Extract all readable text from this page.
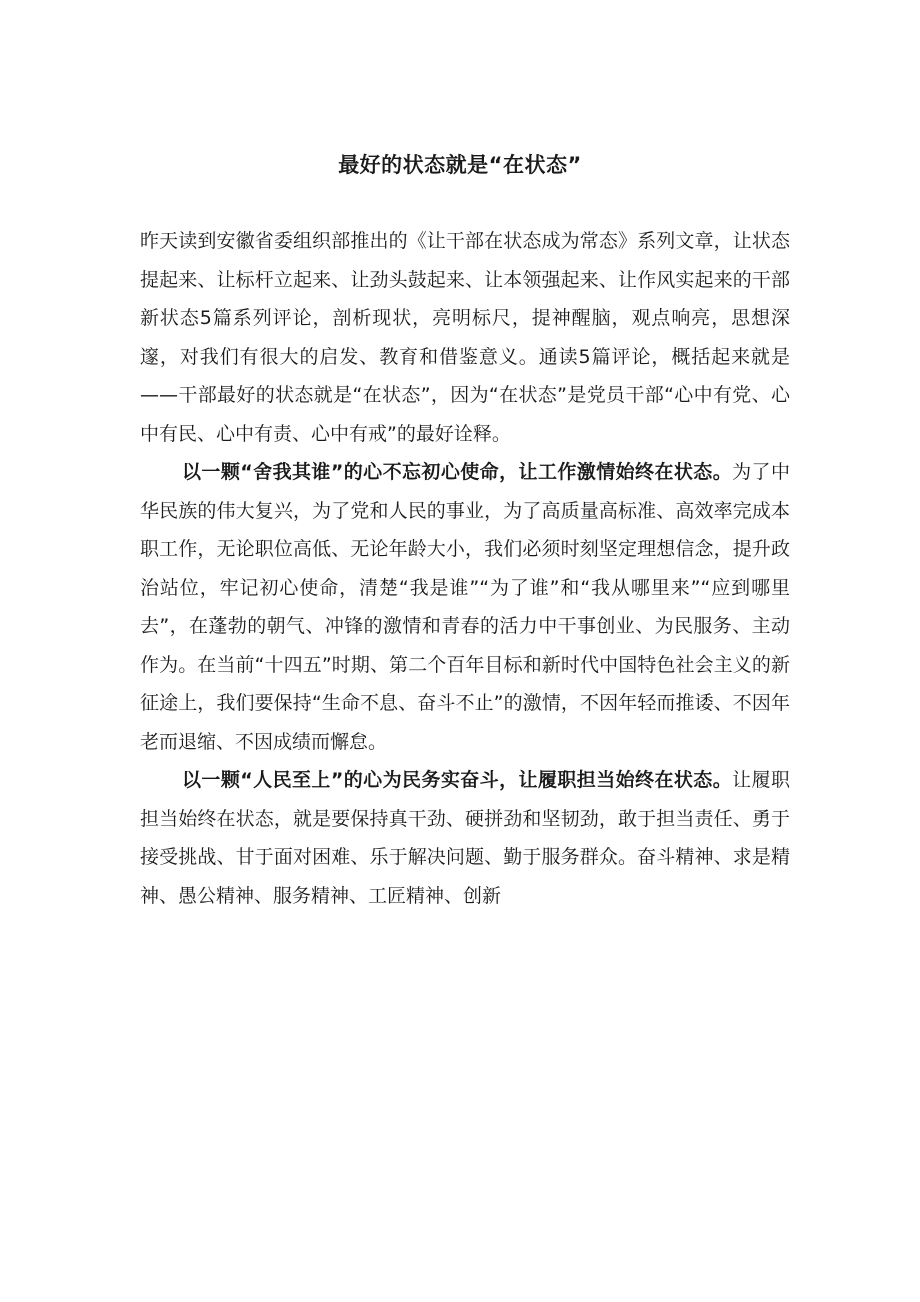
最好的状态就是“在状态”

昨天读到安徽省委组织部推出的《让干部在状态成为常态》系列文章，让状态提起来、让标杆立起来、让劲头鼓起来、让本领强起来、让作风实起来的干部新状态5篇系列评论，剖析现状，亮明标尺，提神醒脑，观点响亮，思想深邃，对我们有很大的启发、教育和借鉴意义。通读5篇评论，概括起来就是——干部最好的状态就是“在状态”，因为“在状态”是党员干部“心中有党、心中有民、心中有责、心中有戒”的最好诠释。

以一颗“舍我其谁”的心不忘初心使命，让工作激情始终在状态。为了中华民族的伟大复兴，为了党和人民的事业，为了高质量高标准、高效率完成本职工作，无论职位高低、无论年龄大小，我们必须时刻坚定理想信念，提升政治站位，牢记初心使命，清楚“我是谁”“为了谁”和“我从哪里来”“应到哪里去”，在蓬勃的朝气、冲锋的激情和青春的活力中干事创业、为民服务、主动作为。在当前“十四五”时期、第二个百年目标和新时代中国特色社会主义的新征途上，我们要保持“生命不息、奋斗不止”的激情，不因年轻而推诿、不因年老而退缩、不因成绩而懈怠。

以一颗“人民至上”的心为民务实奋斗，让履职担当始终在状态。让履职担当始终在状态，就是要保持真干劲、硬拼劲和坚韧劲，敢于担当责任、勇于接受挑战、甘于面对困难、乐于解决问题、勤于服务群众。奋斗精神、求是精神、愚公精神、服务精神、工匠精神、创新
